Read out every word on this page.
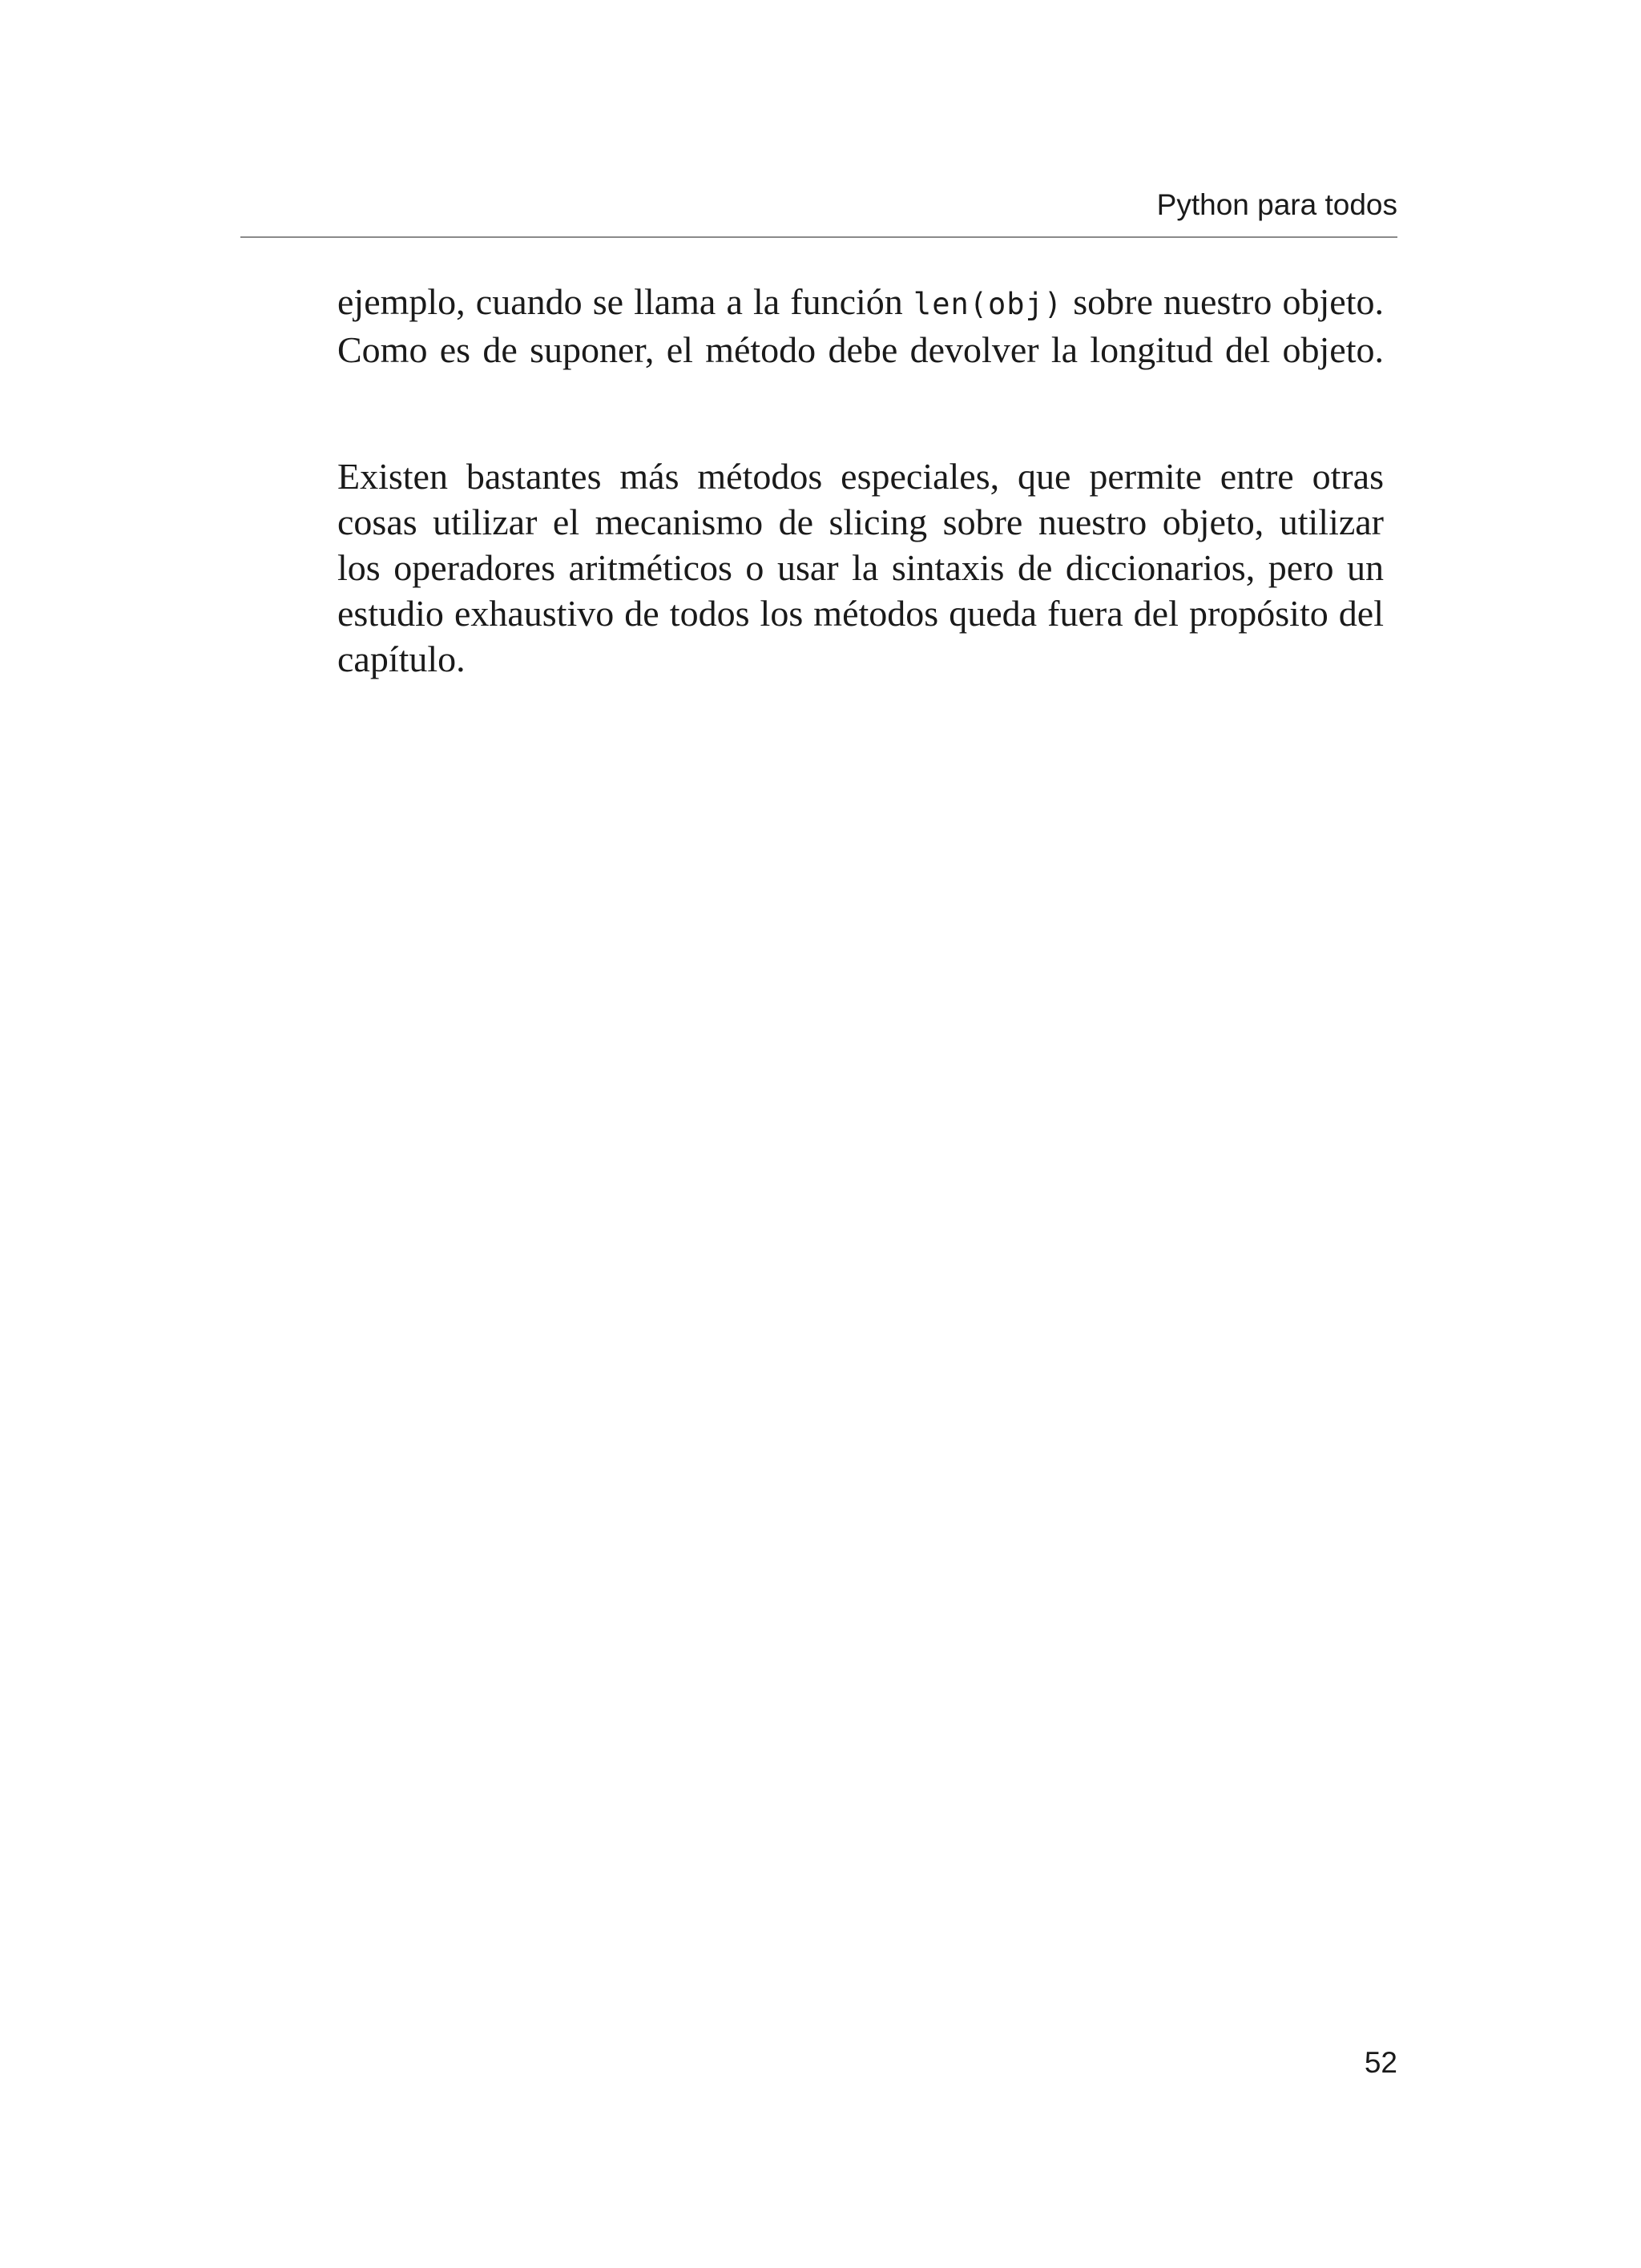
Python para todos
ejemplo, cuando se llama a la función len(obj) sobre nuestro objeto.
Como es de suponer, el método debe devolver la longitud del objeto.
Existen bastantes más métodos especiales, que permite entre otras
cosas utilizar el mecanismo de slicing sobre nuestro objeto, utilizar
los operadores aritméticos o usar la sintaxis de diccionarios, pero un
estudio exhaustivo de todos los métodos queda fuera del propósito del
capítulo.
52
